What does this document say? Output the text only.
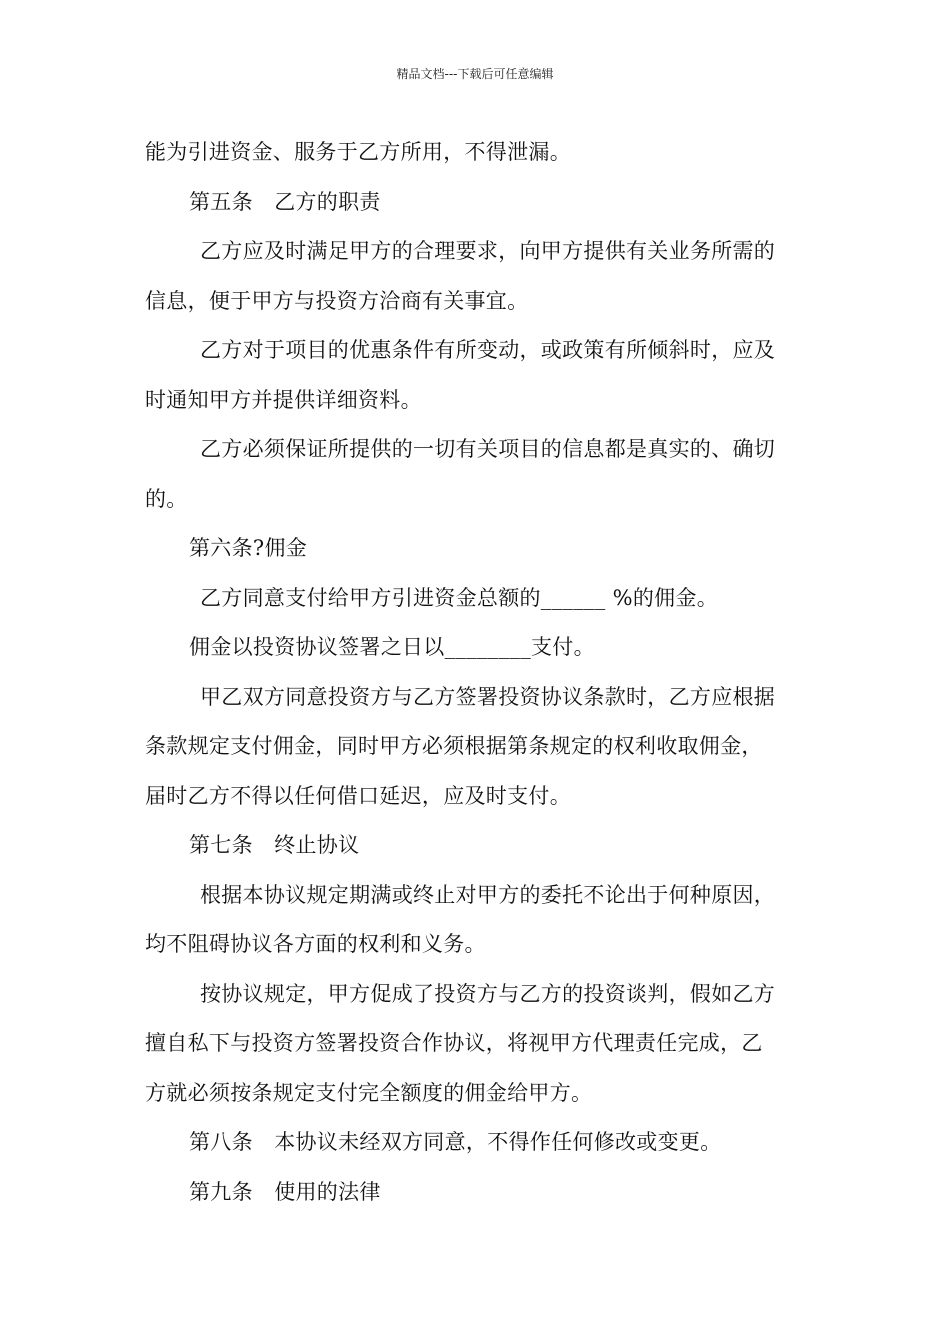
精品文档---下载后可任意编辑
能为引进资金、服务于乙方所用，不得泄漏。
第五条　乙方的职责
乙方应及时满足甲方的合理要求，向甲方提供有关业务所需的
信息，便于甲方与投资方洽商有关事宜。
乙方对于项目的优惠条件有所变动，或政策有所倾斜时，应及
时通知甲方并提供详细资料。
乙方必须保证所提供的一切有关项目的信息都是真实的、确切
的。
第六条?佣金
乙方同意支付给甲方引进资金总额的______ %的佣金。
佣金以投资协议签署之日以________支付。
甲乙双方同意投资方与乙方签署投资协议条款时，乙方应根据
条款规定支付佣金，同时甲方必须根据第条规定的权利收取佣金，
届时乙方不得以任何借口延迟，应及时支付。
第七条　终止协议
根据本协议规定期满或终止对甲方的委托不论出于何种原因，
均不阻碍协议各方面的权利和义务。
按协议规定，甲方促成了投资方与乙方的投资谈判，假如乙方
擅自私下与投资方签署投资合作协议，将视甲方代理责任完成，乙
方就必须按条规定支付完全额度的佣金给甲方。
第八条　本协议未经双方同意，不得作任何修改或变更。
第九条　使用的法律
